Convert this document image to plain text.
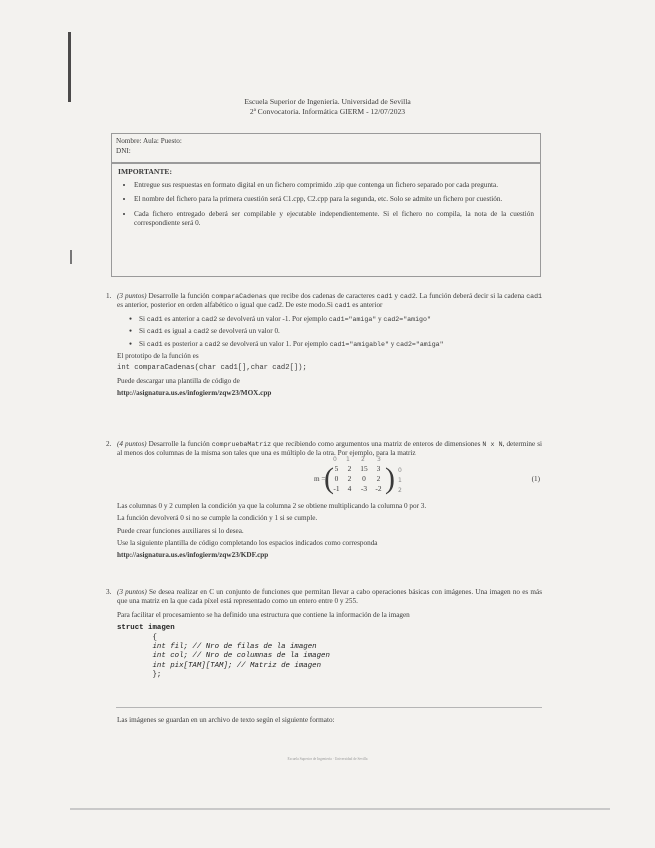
Escuela Superior de Ingeniería. Universidad de Sevilla
2ª Convocatoria. Informática GIERM - 12/07/2023
Nombre: Aula: Puesto:
DNI:
IMPORTANTE:
• Entregue sus respuestas en formato digital en un fichero comprimido .zip que contenga un fichero separado por cada pregunta.
• El nombre del fichero para la primera cuestión será C1.cpp, C2.cpp para la segunda, etc. Solo se admite un fichero por cuestión.
• Cada fichero entregado deberá ser compilable y ejecutable independientemente. Si el fichero no compila, la nota de la cuestión correspondiente será 0.
1. (3 puntos) Desarrolle la función comparaCadenas que recibe dos cadenas de caracteres cad1 y cad2. La función deberá decir si la cadena cad1 es anterior, posterior en orden alfabético o igual que cad2. De este modo.Si cad1 es anterior
● Si cad1 es anterior a cad2 se devolverá un valor -1. Por ejemplo cad1="amiga" y cad2="amigo"
● Si cad1 es igual a cad2 se devolverá un valor 0.
● Si cad1 es posterior a cad2 se devolverá un valor 1. Por ejemplo cad1="amigable" y cad2="amiga"
El prototipo de la función es
int comparaCadenas(char cad1[],char cad2[]);
Puede descargar una plantilla de código de
http://asignatura.us.es/infogierm/zqw23/MOX.cpp
2. (4 puntos) Desarrolle la función compruebaMatriz que recibiendo como argumentos una matriz de enteros de dimensiones N x N, determine si al menos dos columnas de la misma son tales que una es múltiplo de la otra. Por ejemplo, para la matriz
m =
0 1 2 3
( 5	2	15	3
0	2	0	2
-1	4	-3	-2 ) 0
1
2
(1)
Las columnas 0 y 2 cumplen la condición ya que la columna 2 se obtiene multiplicando la columna 0 por 3.
La función devolverá 0 si no se cumple la condición y 1 si se cumple.
Puede crear funciones auxiliares si lo desea.
Use la siguiente plantilla de código completando los espacios indicados como corresponda
http://asignatura.us.es/infogierm/zqw23/KDF.cpp
3. (3 puntos) Se desea realizar en C un conjunto de funciones que permitan llevar a cabo operaciones básicas con imágenes. Una imagen no es más que una matriz en la que cada píxel está representado como un entero entre 0 y 255.
Para facilitar el procesamiento se ha definido una estructura que contiene la información de la imagen
struct imagen
{
int fil; // Nro de filas de la imagen
int col; // Nro de columnas de la imagen
int pix[TAM][TAM]; // Matriz de imagen
};
Las imágenes se guardan en un archivo de texto según el siguiente formato:
Escuela Superior de Ingeniería · Universidad de Sevilla
